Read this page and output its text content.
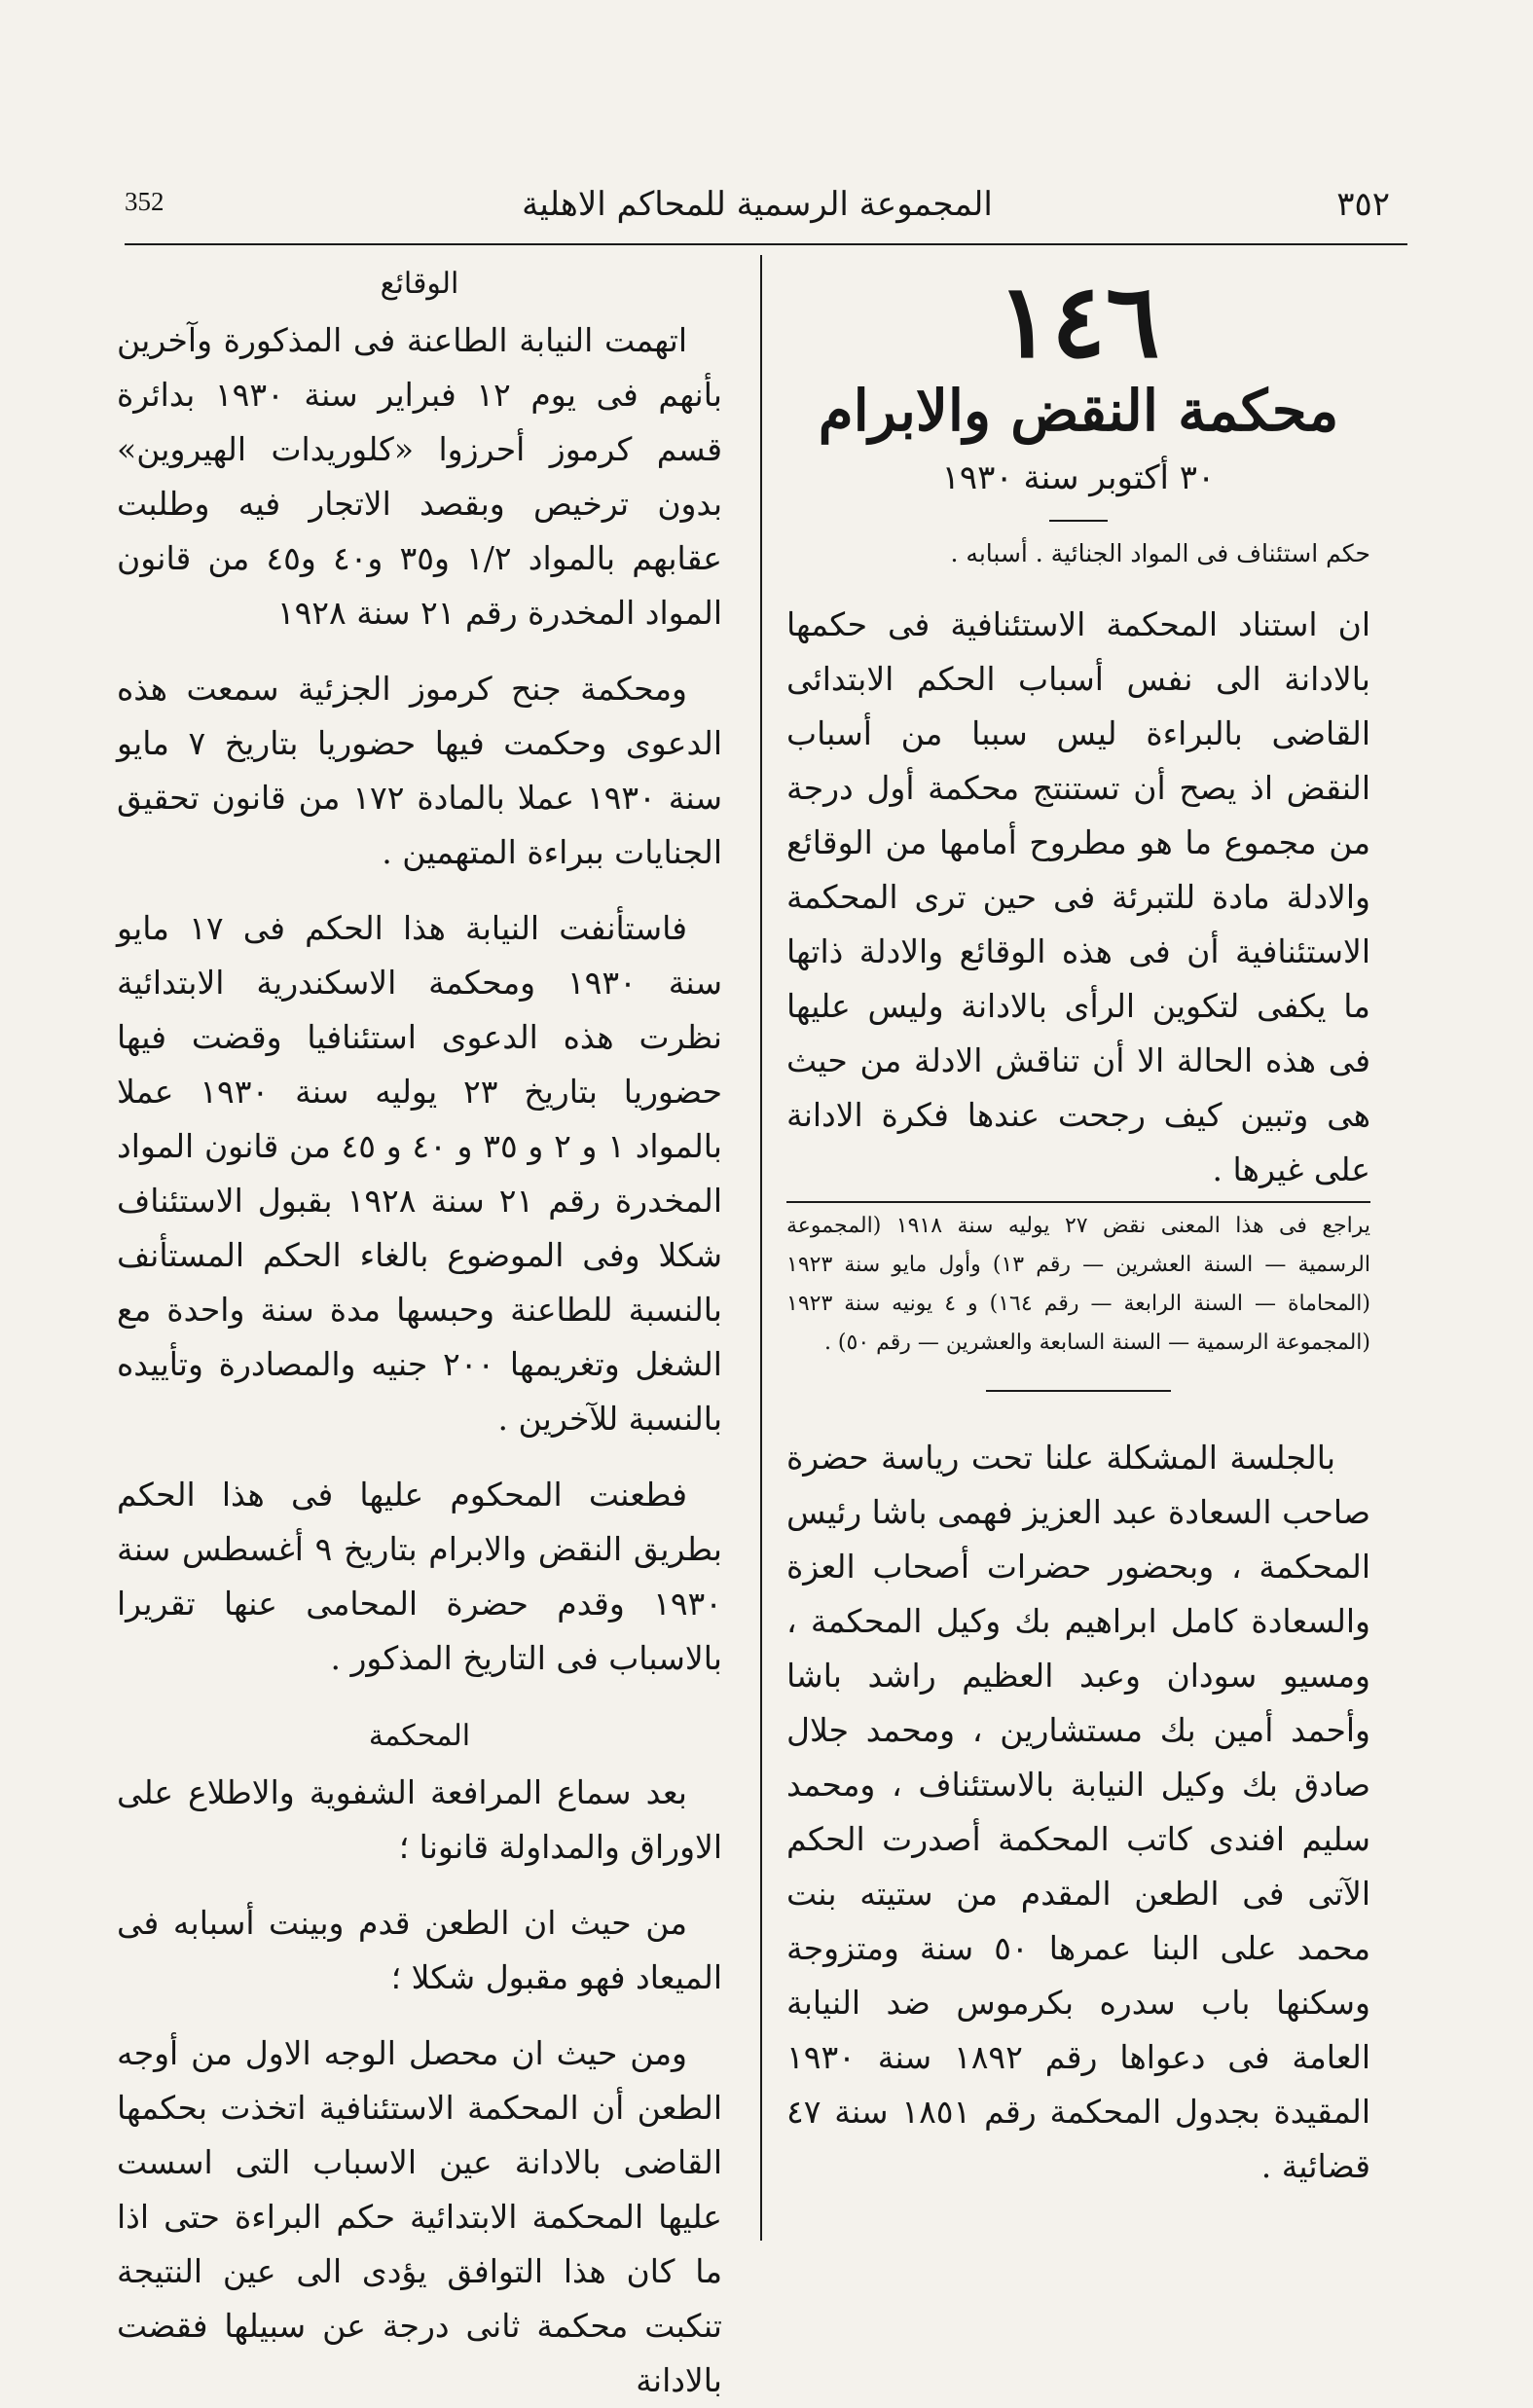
352	المجموعة الرسمية للمحاكم الاهلية	٣٥٢
١٤٦
محكمة النقض والابرام
٣٠ أكتوبر سنة ١٩٣٠

حكم استئناف فى المواد الجنائية . أسبابه .

ان استناد المحكمة الاستئنافية فى حكمها بالادانة الى نفس أسباب الحكم الابتدائى القاضى بالبراءة ليس سببا من أسباب النقض اذ يصح أن تستنتج محكمة أول درجة من مجموع ما هو مطروح أمامها من الوقائع والادلة مادة للتبرئة فى حين ترى المحكمة الاستئنافية أن فى هذه الوقائع والادلة ذاتها ما يكفى لتكوين الرأى بالادانة وليس عليها فى هذه الحالة الا أن تناقش الادلة من حيث هى وتبين كيف رجحت عندها فكرة الادانة على غيرها .

يراجع فى هذا المعنى نقض ٢٧ يوليه سنة ١٩١٨ (المجموعة الرسمية — السنة العشرين — رقم ١٣) وأول مايو سنة ١٩٢٣ (المحاماة — السنة الرابعة — رقم ١٦٤) و ٤ يونيه سنة ١٩٢٣ (المجموعة الرسمية — السنة السابعة والعشرين — رقم ٥٠) .

بالجلسة المشكلة علنا تحت رياسة حضرة صاحب السعادة عبد العزيز فهمى باشا رئيس المحكمة ، وبحضور حضرات أصحاب العزة والسعادة كامل ابراهيم بك وكيل المحكمة ، ومسيو سودان وعبد العظيم راشد باشا وأحمد أمين بك مستشارين ، ومحمد جلال صادق بك وكيل النيابة بالاستئناف ، ومحمد سليم افندى كاتب المحكمة أصدرت الحكم الآتى فى الطعن المقدم من ستيته بنت محمد على البنا عمرها ٥٠ سنة ومتزوجة وسكنها باب سدره بكرموس ضد النيابة العامة فى دعواها رقم ١٨٩٢ سنة ١٩٣٠ المقيدة بجدول المحكمة رقم ١٨٥١ سنة ٤٧ قضائية .

الوقائع

اتهمت النيابة الطاعنة فى المذكورة وآخرين بأنهم فى يوم ١٢ فبراير سنة ١٩٣٠ بدائرة قسم كرموز أحرزوا «كلوريدات الهيروين» بدون ترخيص وبقصد الاتجار فيه وطلبت عقابهم بالمواد ١/٢ و٣٥ و٤٠ و٤٥ من قانون المواد المخدرة رقم ٢١ سنة ١٩٢٨

ومحكمة جنح كرموز الجزئية سمعت هذه الدعوى وحكمت فيها حضوريا بتاريخ ٧ مايو سنة ١٩٣٠ عملا بالمادة ١٧٢ من قانون تحقيق الجنايات ببراءة المتهمين .

فاستأنفت النيابة هذا الحكم فى ١٧ مايو سنة ١٩٣٠ ومحكمة الاسكندرية الابتدائية نظرت هذه الدعوى استئنافيا وقضت فيها حضوريا بتاريخ ٢٣ يوليه سنة ١٩٣٠ عملا بالمواد ١ و ٢ و ٣٥ و ٤٠ و ٤٥ من قانون المواد المخدرة رقم ٢١ سنة ١٩٢٨ بقبول الاستئناف شكلا وفى الموضوع بالغاء الحكم المستأنف بالنسبة للطاعنة وحبسها مدة سنة واحدة مع الشغل وتغريمها ٢٠٠ جنيه والمصادرة وتأييده بالنسبة للآخرين .

فطعنت المحكوم عليها فى هذا الحكم بطريق النقض والابرام بتاريخ ٩ أغسطس سنة ١٩٣٠ وقدم حضرة المحامى عنها تقريرا بالاسباب فى التاريخ المذكور .

المحكمة

بعد سماع المرافعة الشفوية والاطلاع على الاوراق والمداولة قانونا ؛

من حيث ان الطعن قدم وبينت أسبابه فى الميعاد فهو مقبول شكلا ؛

ومن حيث ان محصل الوجه الاول من أوجه الطعن أن المحكمة الاستئنافية اتخذت بحكمها القاضى بالادانة عين الاسباب التى اسست عليها المحكمة الابتدائية حكم البراءة حتى اذا ما كان هذا التوافق يؤدى الى عين النتيجة تنكبت محكمة ثانى درجة عن سبيلها فقضت بالادانة
